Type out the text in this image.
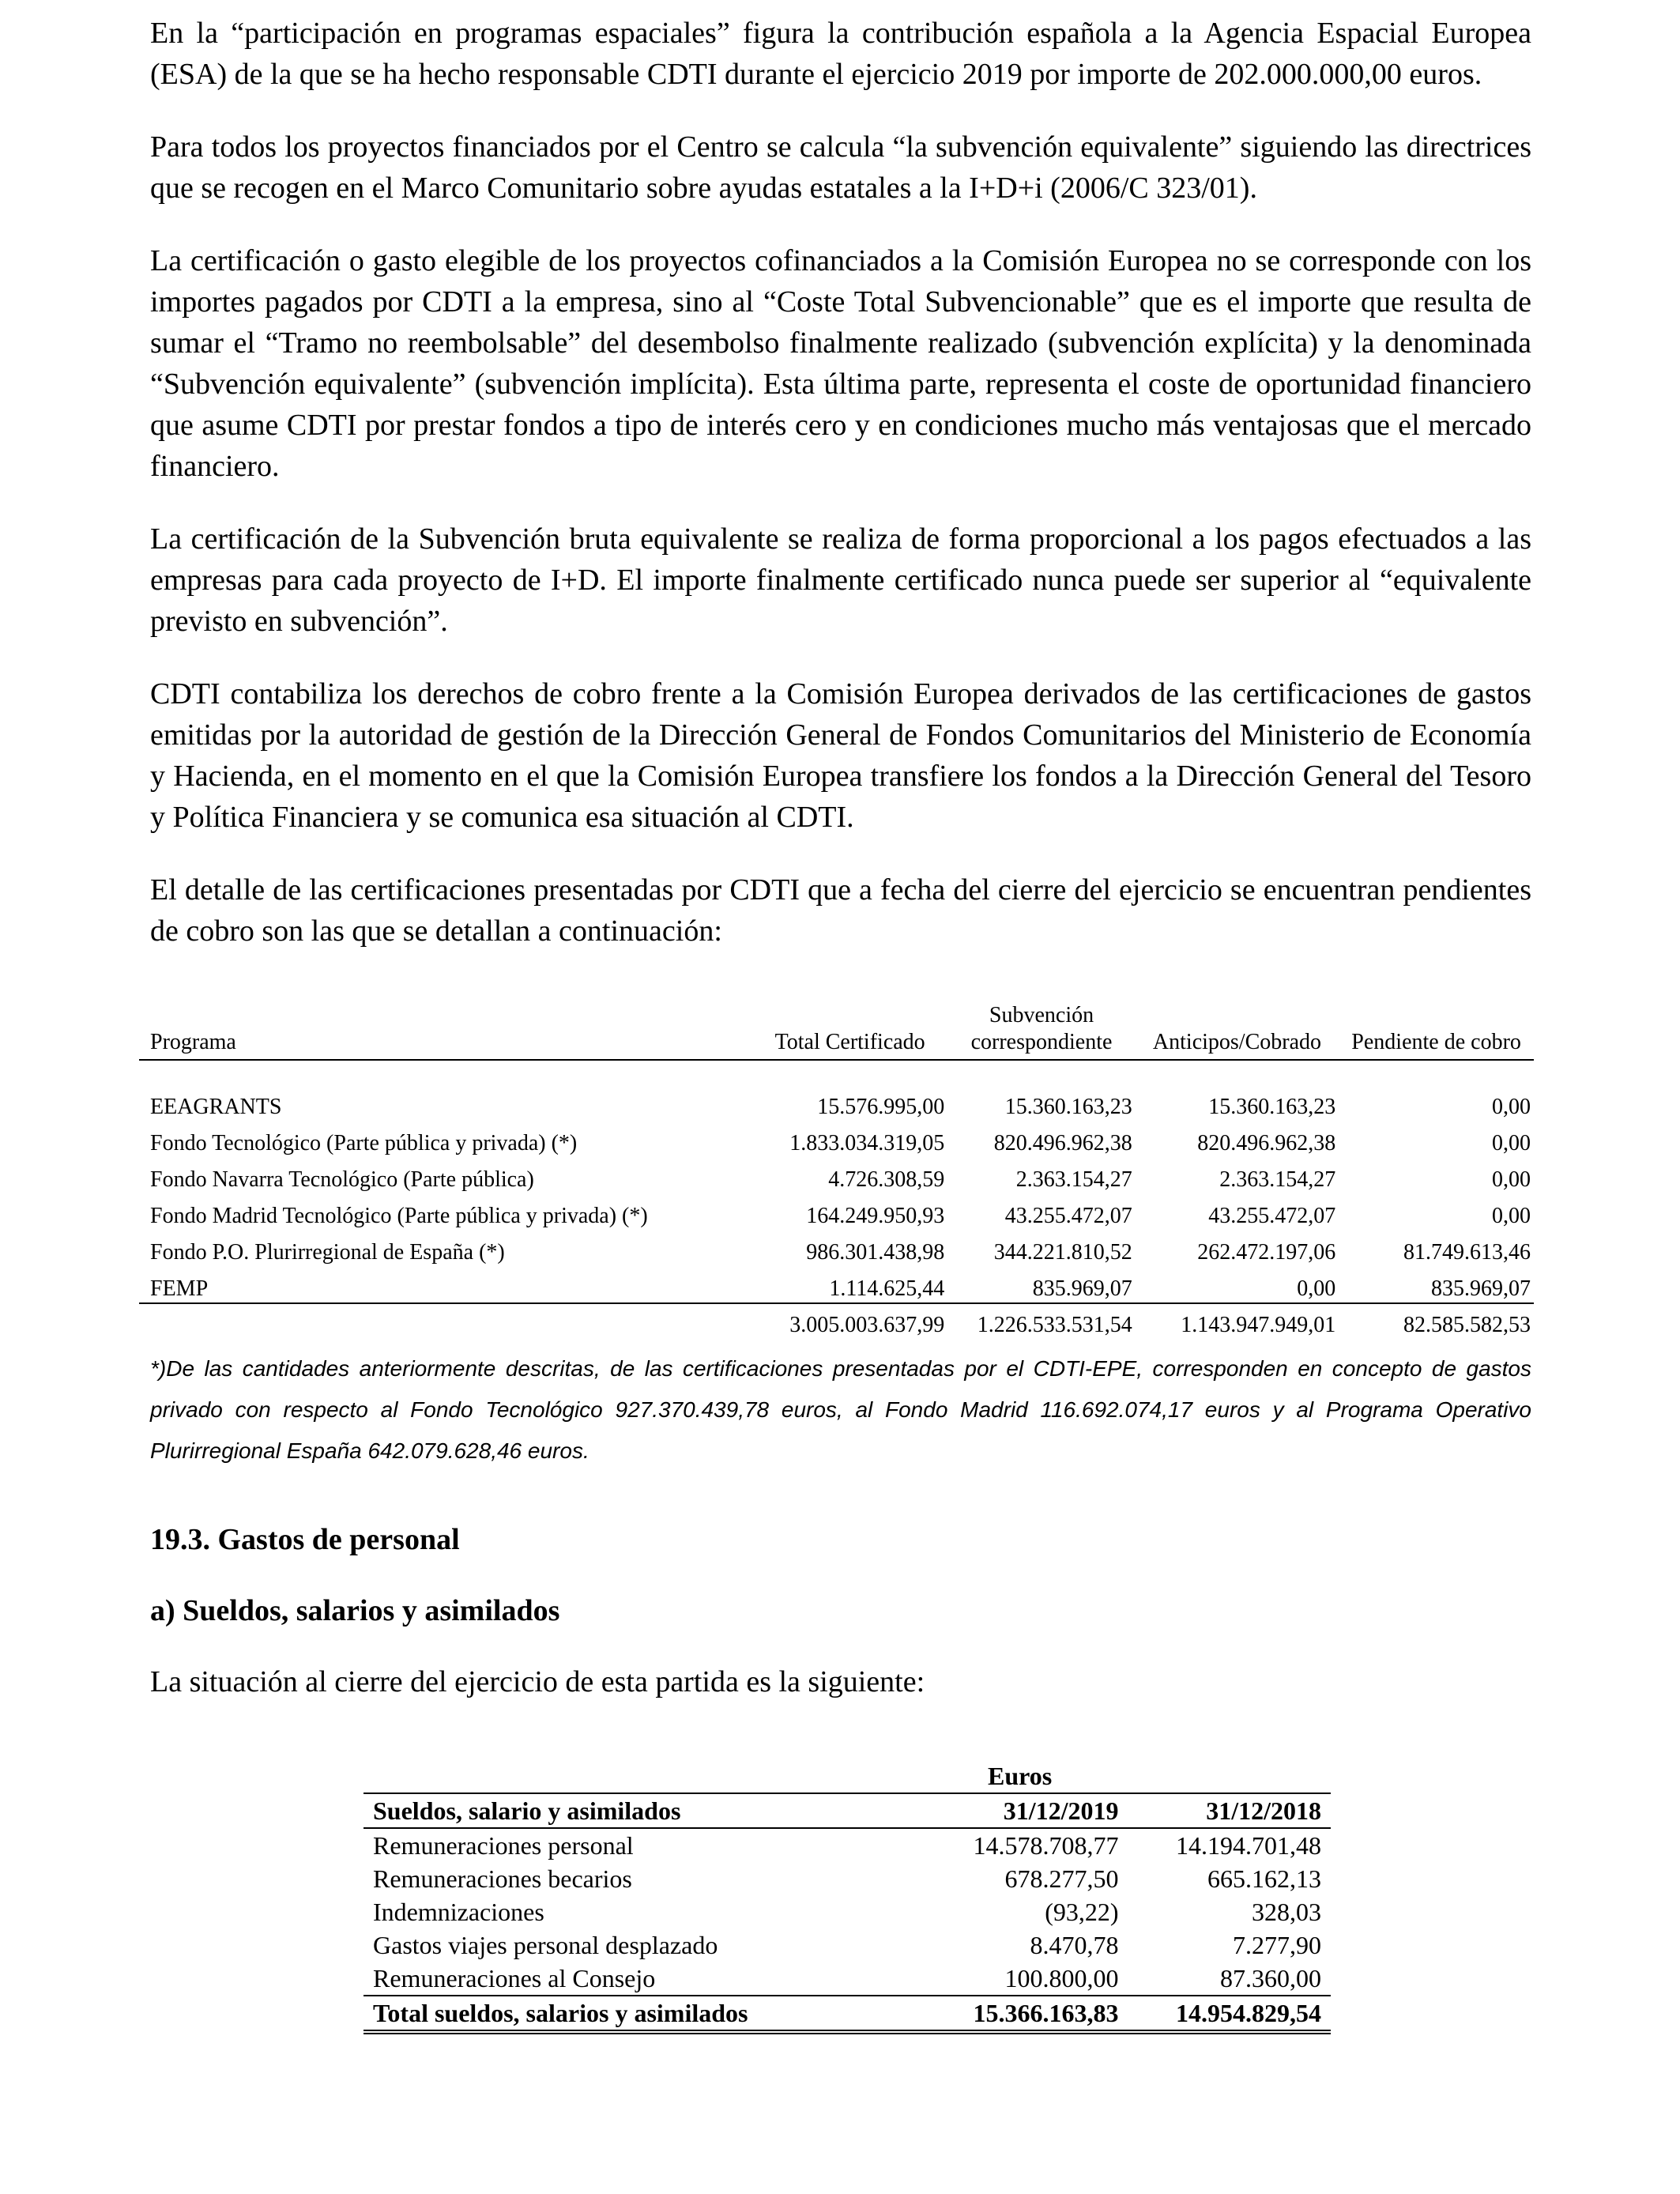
En la “participación en programas espaciales” figura la contribución española a la Agencia Espacial Europea (ESA) de la que se ha hecho responsable CDTI durante el ejercicio 2019 por importe de 202.000.000,00 euros.

Para todos los proyectos financiados por el Centro se calcula “la subvención equivalente” siguiendo las directrices que se recogen en el Marco Comunitario sobre ayudas estatales a la I+D+i (2006/C 323/01).

La certificación o gasto elegible de los proyectos cofinanciados a la Comisión Europea no se corresponde con los importes pagados por CDTI a la empresa, sino al “Coste Total Subvencionable” que es el importe que resulta de sumar el “Tramo no reembolsable” del desembolso finalmente realizado (subvención explícita) y la denominada “Subvención equivalente” (subvención implícita). Esta última parte, representa el coste de oportunidad financiero que asume CDTI por prestar fondos a tipo de interés cero y en condiciones mucho más ventajosas que el mercado financiero.

La certificación de la Subvención bruta equivalente se realiza de forma proporcional a los pagos efectuados a las empresas para cada proyecto de I+D. El importe finalmente certificado nunca puede ser superior al “equivalente previsto en subvención”.

CDTI contabiliza los derechos de cobro frente a la Comisión Europea derivados de las certificaciones de gastos emitidas por la autoridad de gestión de la Dirección General de Fondos Comunitarios del Ministerio de Economía y Hacienda, en el momento en el que la Comisión Europea transfiere los fondos a la Dirección General del Tesoro y Política Financiera y se comunica esa situación al CDTI.

El detalle de las certificaciones presentadas por CDTI que a fecha del cierre del ejercicio se encuentran pendientes de cobro son las que se detallan a continuación:

Programa	Total Certificado	Subvención correspondiente	Anticipos/Cobrado	Pendiente de cobro

EEAGRANTS	15.576.995,00	15.360.163,23	15.360.163,23	0,00
Fondo Tecnológico (Parte pública y privada) (*)	1.833.034.319,05	820.496.962,38	820.496.962,38	0,00
Fondo Navarra Tecnológico (Parte pública)	4.726.308,59	2.363.154,27	2.363.154,27	0,00
Fondo Madrid Tecnológico (Parte pública y privada) (*)	164.249.950,93	43.255.472,07	43.255.472,07	0,00
Fondo P.O. Plurirregional de España (*)	986.301.438,98	344.221.810,52	262.472.197,06	81.749.613,46
FEMP	1.114.625,44	835.969,07	0,00	835.969,07
	3.005.003.637,99	1.226.533.531,54	1.143.947.949,01	82.585.582,53

*)De las cantidades anteriormente descritas, de las certificaciones presentadas por el CDTI-EPE, corresponden en concepto de gastos privado con respecto al Fondo Tecnológico 927.370.439,78 euros, al Fondo Madrid 116.692.074,17 euros y al Programa Operativo Plurirregional España 642.079.628,46 euros.

19.3. Gastos de personal
a) Sueldos, salarios y asimilados

La situación al cierre del ejercicio de esta partida es la siguiente:

	Euros	
Sueldos, salario y asimilados	31/12/2019	31/12/2018
Remuneraciones personal	14.578.708,77	14.194.701,48
Remuneraciones becarios	678.277,50	665.162,13
Indemnizaciones	(93,22)	328,03
Gastos viajes personal desplazado	8.470,78	7.277,90
Remuneraciones al Consejo	100.800,00	87.360,00
Total sueldos, salarios y asimilados	15.366.163,83	14.954.829,54
